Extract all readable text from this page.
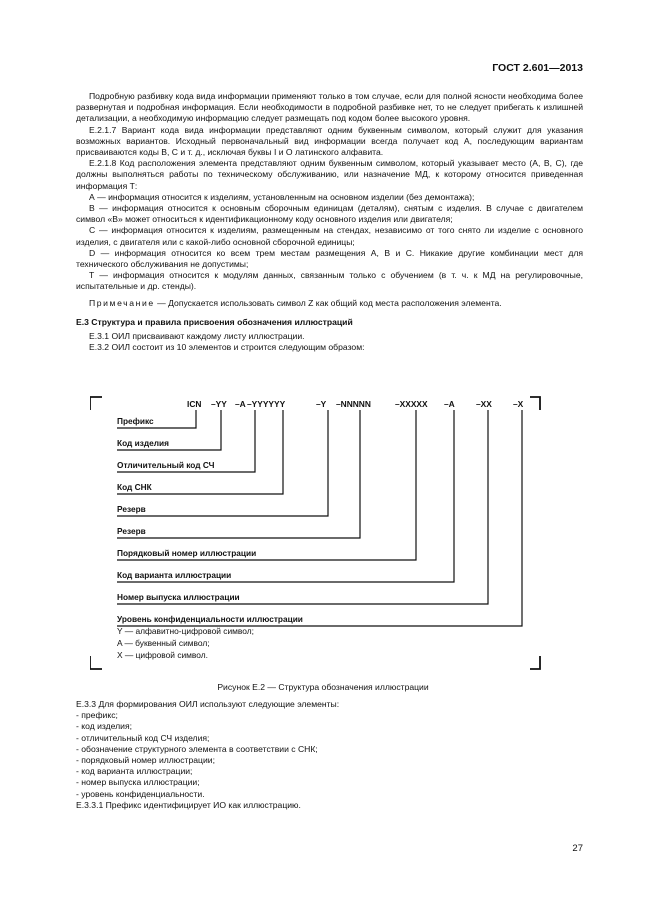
ГОСТ 2.601—2013

Подробную разбивку кода вида информации применяют только в том случае, если для полной ясности необходима более развернутая и подробная информация. Если необходимости в подробной разбивке нет, то не следует прибегать к излишней детализации, а необходимую информацию следует размещать под кодом более высокого уровня.

Е.2.1.7 Вариант кода вида информации представляют одним буквенным символом, который служит для указания возможных вариантов. Исходный первоначальный вид информации всегда получает код А, последующим вариантам присваиваются коды В, С и т. д., исключая буквы I и О латинского алфавита.

Е.2.1.8 Код расположения элемента представляют одним буквенным символом, который указывает место (А, В, С), где должны выполняться работы по техническому обслуживанию, или назначение МД, к которому относится приведенная информация Т:

А — информация относится к изделиям, установленным на основном изделии (без демонтажа);

В — информация относится к основным сборочным единицам (деталям), снятым с изделия. В случае с двигателем символ «В» может относиться к идентификационному коду основного изделия или двигателя;

С — информация относится к изделиям, размещенным на стендах, независимо от того снято ли изделие с основного изделия, с двигателя или с какой-либо основной сборочной единицы;

D — информация относится ко всем трем местам размещения А, В и С. Никакие другие комбинации мест для технического обслуживания не допустимы;

Т — информация относится к модулям данных, связанным только с обучением (в т. ч. к МД на регулировочные, испытательные и др. стенды).

Примечание — Допускается использовать символ Z как общий код места расположения элемента.

Е.3 Структура и правила присвоения обозначения иллюстраций

Е.3.1 ОИЛ присваивают каждому листу иллюстрации.

Е.3.2 ОИЛ состоит из 10 элементов и строится следующим образом:

ICN –YY –A –YYYYYY	–Y –NNNNN	–XXXXX –A	–XX	–X
Префикс
Код изделия
Отличительный код СЧ
Код СНК
Резерв
Резерв
Порядковый номер иллюстрации
Код варианта иллюстрации
Номер выпуска иллюстрации
Уровень конфиденциальности иллюстрации
Y — алфавитно-цифровой символ;
A — буквенный символ;
X — цифровой символ.
Рисунок Е.2 — Структура обозначения иллюстрации

Е.3.3 Для формирования ОИЛ используют следующие элементы:

- префикс;

- код изделия;

- отличительный код СЧ изделия;

- обозначение структурного элемента в соответствии с СНК;

- порядковый номер иллюстрации;

- код варианта иллюстрации;

- номер выпуска иллюстрации;

- уровень конфиденциальности.

Е.3.3.1 Префикс идентифицирует ИО как иллюстрацию.

27
